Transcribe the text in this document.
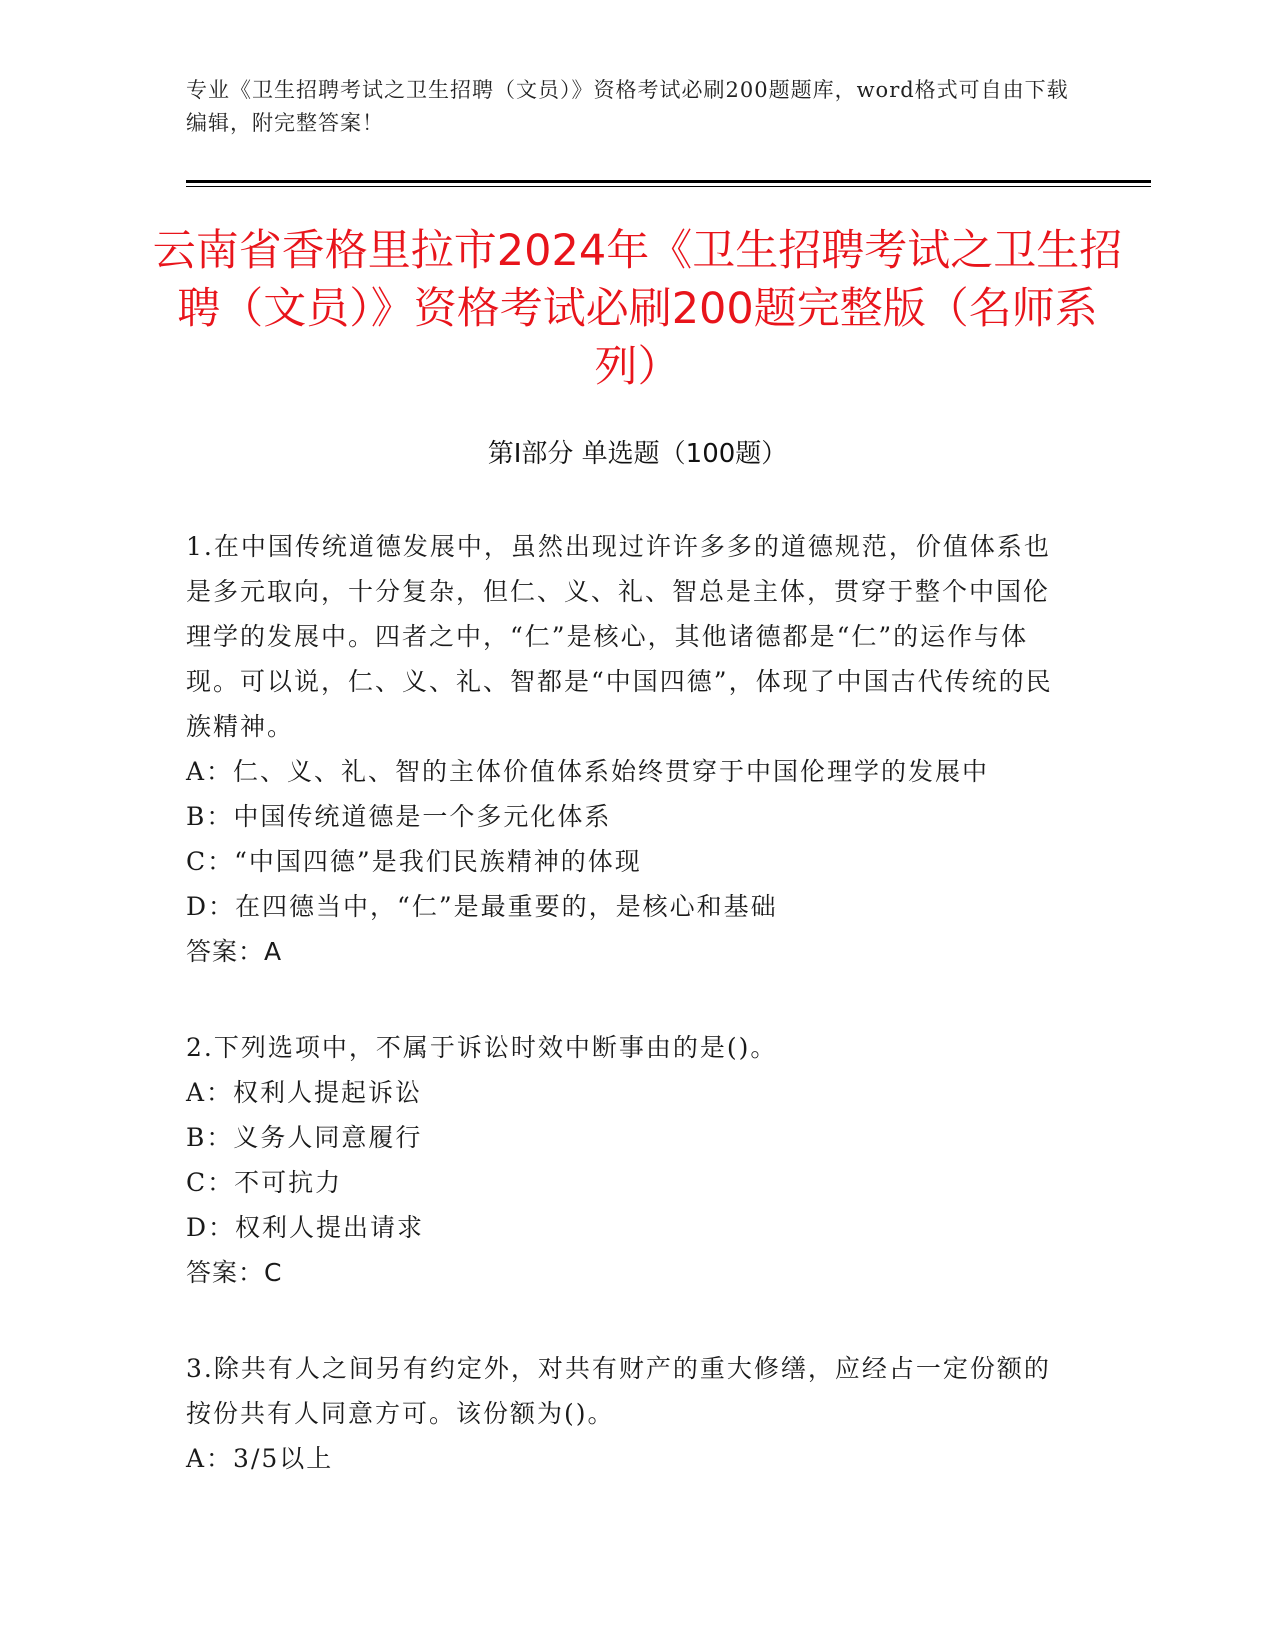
专业《卫生招聘考试之卫生招聘（文员）》资格考试必刷200题题库，word格式可自由下载编辑，附完整答案！
云南省香格里拉市2024年《卫生招聘考试之卫生招聘（文员）》资格考试必刷200题完整版（名师系列）
第I部分 单选题（100题）

1.在中国传统道德发展中，虽然出现过许许多多的道德规范，价值体系也是多元取向，十分复杂，但仁、义、礼、智总是主体，贯穿于整个中国伦理学的发展中。四者之中，“仁”是核心，其他诸德都是“仁”的运作与体现。可以说，仁、义、礼、智都是“中国四德”，体现了中国古代传统的民族精神。

A：仁、义、礼、智的主体价值体系始终贯穿于中国伦理学的发展中

B：中国传统道德是一个多元化体系

C：“中国四德”是我们民族精神的体现

D：在四德当中，“仁”是最重要的，是核心和基础

答案：A

2.下列选项中，不属于诉讼时效中断事由的是()。

A：权利人提起诉讼

B：义务人同意履行

C：不可抗力

D：权利人提出请求

答案：C

3.除共有人之间另有约定外，对共有财产的重大修缮，应经占一定份额的按份共有人同意方可。该份额为()。

A：3/5以上
